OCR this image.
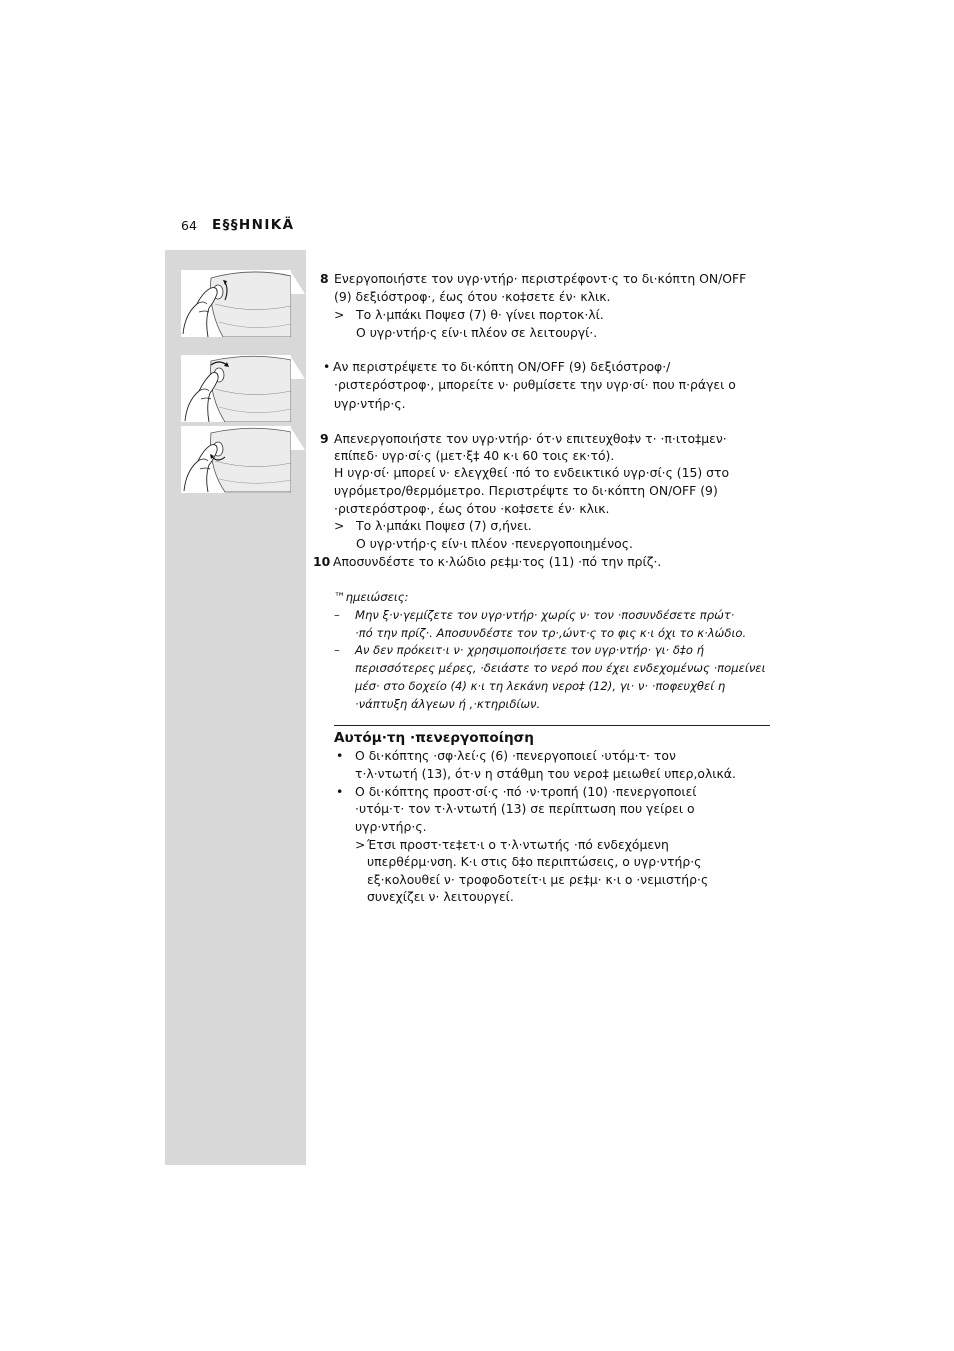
64 E§§HNIKÄ
8 Ενεργοποιήστε τον υγρ·ντήρ· περιστρέφοντ·ς το δι·κόπτη ON/OFF
(9) δεξιόστροφ·, έως ότου ·κο‡σετε έν· κλικ.
> Το λ·μπάκι Ποψεσ (7) θ· γίνει πορτοκ·λί.
Ο υγρ·ντήρ·ς είν·ι πλέον σε λειτουργί·.
• Αν περιστρέψετε το δι·κόπτη ON/OFF (9) δεξιόστροφ·/
·ριστερόστροφ·, μπορείτε ν· ρυθμίσετε την υγρ·σί· που π·ράγει ο
υγρ·ντήρ·ς.
9 Απενεργοποιήστε τον υγρ·ντήρ· ότ·ν επιτευχθο‡ν τ· ·π·ιτο‡μεν·
επίπεδ· υγρ·σί·ς (μετ·ξ‡ 40 κ·ι 60 τοις εκ·τό).
Η υγρ·σί· μπορεί ν· ελεγχθεί ·πό το ενδεικτικό υγρ·σί·ς (15) στο
υγρόμετρο/θερμόμετρο. Περιστρέψτε το δι·κόπτη ON/OFF (9)
·ριστερόστροφ·, έως ότου ·κο‡σετε έν· κλικ.
> Το λ·μπάκι Ποψεσ (7) σ,ήνει.
Ο υγρ·ντήρ·ς είν·ι πλέον ·πενεργοποιημένος.
10 Αποσυνδέστε το κ·λώδιο ρε‡μ·τος (11) ·πό την πρίζ·.
™ημειώσεις:
– Μην ξ·ν·γεμίζετε τον υγρ·ντήρ· χωρίς ν· τον ·ποσυνδέσετε πρώτ·
·πό την πρίζ·. Αποσυνδέστε τον τρ·,ώντ·ς το φις κ·ι όχι το κ·λώδιο.
– Αν δεν πρόκειτ·ι ν· χρησιμοποιήσετε τον υγρ·ντήρ· γι· δ‡ο ή
περισσότερες μέρες, ·δειάστε το νερό που έχει ενδεχομένως ·πομείνει
μέσ· στο δοχείο (4) κ·ι τη λεκάνη νερο‡ (12), γι· ν· ·ποφευχθεί η
·νάπτυξη άλγεων ή ,·κτηριδίων.
Αυτόμ·τη ·πενεργοποίηση
• Ο δι·κόπτης ·σφ·λεί·ς (6) ·πενεργοποιεί ·υτόμ·τ· τον
τ·λ·ντωτή (13), ότ·ν η στάθμη του νερο‡ μειωθεί υπερ,ολικά.
• Ο δι·κόπτης προστ·σί·ς ·πό ·ν·τροπή (10) ·πενεργοποιεί
·υτόμ·τ· τον τ·λ·ντωτή (13) σε περίπτωση που γείρει ο
υγρ·ντήρ·ς.
> Έτσι προστ·τε‡ετ·ι ο τ·λ·ντωτής ·πό ενδεχόμενη
υπερθέρμ·νση. Κ·ι στις δ‡ο περιπτώσεις, ο υγρ·ντήρ·ς
εξ·κολουθεί ν· τροφοδοτείτ·ι με ρε‡μ· κ·ι ο ·νεμιστήρ·ς
συνεχίζει ν· λειτουργεί.
